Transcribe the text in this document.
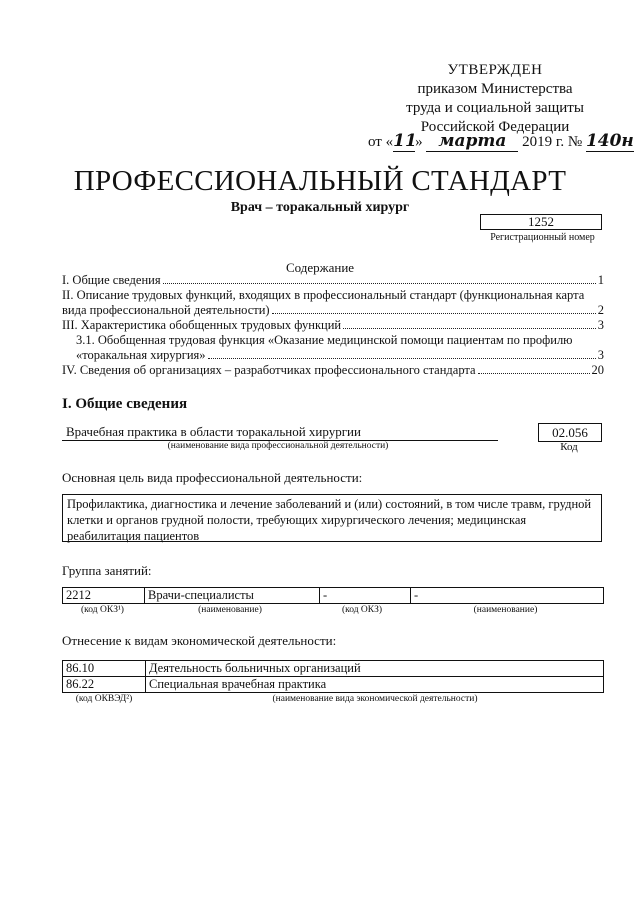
УТВЕРЖДЕН
приказом Министерства
труда и социальной защиты
Российской Федерации
от «11» марта 2019 г. № 140н
ПРОФЕССИОНАЛЬНЫЙ СТАНДАРТ
Врач – торакальный хирург
1252
Регистрационный номер
Содержание
I. Общие сведения	1
II. Описание трудовых функций, входящих в профессиональный стандарт (функциональная карта
вида профессиональной деятельности)	2
III. Характеристика обобщенных трудовых функций	3
3.1. Обобщенная трудовая функция «Оказание медицинской помощи пациентам по профилю
«торакальная хирургия»	3
IV. Сведения об организациях – разработчиках профессионального стандарта	20
I. Общие сведения
Врачебная практика в области торакальной хирургии
(наименование вида профессиональной деятельности)
02.056
Код
Основная цель вида профессиональной деятельности:
Профилактика, диагностика и лечение заболеваний и (или) состояний, в том числе травм, грудной клетки и органов грудной полости, требующих хирургического лечения; медицинская реабилитация пациентов
Группа занятий:
2212	Врачи-специалисты	-	-
(код ОКЗ¹)	(наименование)	(код ОКЗ)	(наименование)
Отнесение к видам экономической деятельности:
86.10	Деятельность больничных организаций
86.22	Специальная врачебная практика
(код ОКВЭД²)	(наименование вида экономической деятельности)
